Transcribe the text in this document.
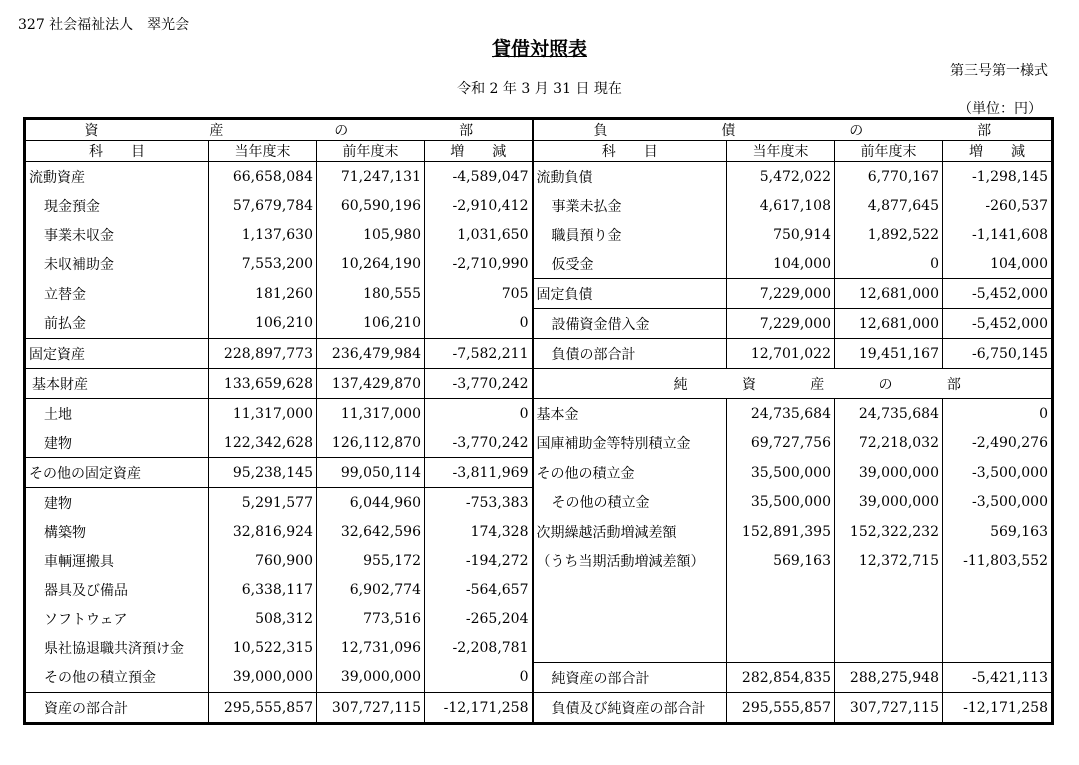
327 社会福祉法人　翠光会
貸借対照表
第三号第一様式
令和 2 年 3 月 31 日 現在
（単位：円）
資 産 の 部				負 債 の 部			

科　　目	当年度末	前年度末	増　　減	科　　目	当年度末	前年度末	増　　減
流動資産	66,658,084	71,247,131	-4,589,047	流動負債	5,472,022	6,770,167	-1,298,145
現金預金	57,679,784	60,590,196	-2,910,412	事業未払金	4,617,108	4,877,645	-260,537
事業未収金	1,137,630	105,980	1,031,650	職員預り金	750,914	1,892,522	-1,141,608
未収補助金	7,553,200	10,264,190	-2,710,990	仮受金	104,000	0	104,000
立替金	181,260	180,555	705	固定負債	7,229,000	12,681,000	-5,452,000
前払金	106,210	106,210	0	設備資金借入金	7,229,000	12,681,000	-5,452,000
固定資産	228,897,773	236,479,984	-7,582,211	負債の部合計	12,701,022	19,451,167	-6,750,145
基本財産	133,659,628	137,429,870	-3,770,242	純 資 産 の 部			

土地	11,317,000	11,317,000	0	基本金	24,735,684	24,735,684	0
建物	122,342,628	126,112,870	-3,770,242	国庫補助金等特別積立金	69,727,756	72,218,032	-2,490,276
その他の固定資産	95,238,145	99,050,114	-3,811,969	その他の積立金	35,500,000	39,000,000	-3,500,000
建物	5,291,577	6,044,960	-753,383	その他の積立金	35,500,000	39,000,000	-3,500,000
構築物	32,816,924	32,642,596	174,328	次期繰越活動増減差額	152,891,395	152,322,232	569,163
車輌運搬具	760,900	955,172	-194,272	（うち当期活動増減差額）	569,163	12,372,715	-11,803,552
器具及び備品	6,338,117	6,902,774	-564,657				
ソフトウェア	508,312	773,516	-265,204				
県社協退職共済預け金	10,522,315	12,731,096	-2,208,781				
その他の積立預金	39,000,000	39,000,000	0	純資産の部合計	282,854,835	288,275,948	-5,421,113
資産の部合計	295,555,857	307,727,115	-12,171,258	負債及び純資産の部合計	295,555,857	307,727,115	-12,171,258
